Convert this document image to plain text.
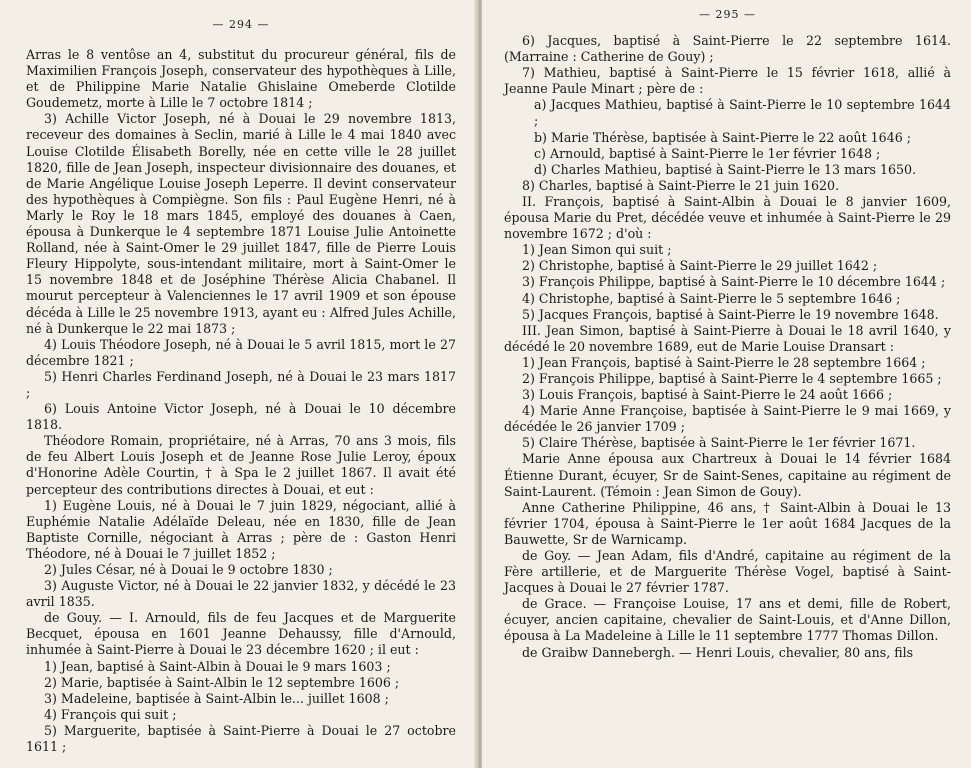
— 294 —

Arras le 8 ventôse an 4, substitut du procureur général, fils de Maximilien François Joseph, conservateur des hypothèques à Lille, et de Philippine Marie Natalie Ghislaine Omeberde Clotilde Goudemetz, morte à Lille le 7 octobre 1814 ;

3) Achille Victor Joseph, né à Douai le 29 novembre 1813, receveur des domaines à Seclin, marié à Lille le 4 mai 1840 avec Louise Clotilde Élisabeth Borelly, née en cette ville le 28 juillet 1820, fille de Jean Joseph, inspecteur divisionnaire des douanes, et de Marie Angélique Louise Joseph Leperre. Il devint conservateur des hypothèques à Compiègne. Son fils : Paul Eugène Henri, né à Marly le Roy le 18 mars 1845, employé des douanes à Caen, épousa à Dunkerque le 4 septembre 1871 Louise Julie Antoinette Rolland, née à Saint-Omer le 29 juillet 1847, fille de Pierre Louis Fleury Hippolyte, sous-intendant militaire, mort à Saint-Omer le 15 novembre 1848 et de Joséphine Thérèse Alicia Chabanel. Il mourut percepteur à Valenciennes le 17 avril 1909 et son épouse décéda à Lille le 25 novembre 1913, ayant eu : Alfred Jules Achille, né à Dunkerque le 22 mai 1873 ;

4) Louis Théodore Joseph, né à Douai le 5 avril 1815, mort le 27 décembre 1821 ;

5) Henri Charles Ferdinand Joseph, né à Douai le 23 mars 1817 ;

6) Louis Antoine Victor Joseph, né à Douai le 10 décembre 1818.

Théodore Romain, propriétaire, né à Arras, 70 ans 3 mois, fils de feu Albert Louis Joseph et de Jeanne Rose Julie Leroy, époux d'Honorine Adèle Courtin, † à Spa le 2 juillet 1867. Il avait été percepteur des contributions directes à Douai, et eut :

1) Eugène Louis, né à Douai le 7 juin 1829, négociant, allié à Euphémie Natalie Adélaïde Deleau, née en 1830, fille de Jean Baptiste Cornille, négociant à Arras ; père de : Gaston Henri Théodore, né à Douai le 7 juillet 1852 ;

2) Jules César, né à Douai le 9 octobre 1830 ;

3) Auguste Victor, né à Douai le 22 janvier 1832, y décédé le 23 avril 1835.

de Gouy. — I. Arnould, fils de feu Jacques et de Marguerite Becquet, épousa en 1601 Jeanne Dehaussy, fille d'Arnould, inhumée à Saint-Pierre à Douai le 23 décembre 1620 ; il eut :

1) Jean, baptisé à Saint-Albin à Douai le 9 mars 1603 ;

2) Marie, baptisée à Saint-Albin le 12 septembre 1606 ;

3) Madeleine, baptisée à Saint-Albin le... juillet 1608 ;

4) François qui suit ;

5) Marguerite, baptisée à Saint-Pierre à Douai le 27 octobre 1611 ;

— 295 —

6) Jacques, baptisé à Saint-Pierre le 22 septembre 1614. (Marraine : Catherine de Gouy) ;

7) Mathieu, baptisé à Saint-Pierre le 15 février 1618, allié à Jeanne Paule Minart ; père de :

a) Jacques Mathieu, baptisé à Saint-Pierre le 10 septembre 1644 ;

b) Marie Thérèse, baptisée à Saint-Pierre le 22 août 1646 ;

c) Arnould, baptisé à Saint-Pierre le 1er février 1648 ;

d) Charles Mathieu, baptisé à Saint-Pierre le 13 mars 1650.

8) Charles, baptisé à Saint-Pierre le 21 juin 1620.

II. François, baptisé à Saint-Albin à Douai le 8 janvier 1609, épousa Marie du Pret, décédée veuve et inhumée à Saint-Pierre le 29 novembre 1672 ; d'où :

1) Jean Simon qui suit ;

2) Christophe, baptisé à Saint-Pierre le 29 juillet 1642 ;

3) François Philippe, baptisé à Saint-Pierre le 10 décembre 1644 ;

4) Christophe, baptisé à Saint-Pierre le 5 septembre 1646 ;

5) Jacques François, baptisé à Saint-Pierre le 19 novembre 1648.

III. Jean Simon, baptisé à Saint-Pierre à Douai le 18 avril 1640, y décédé le 20 novembre 1689, eut de Marie Louise Dransart :

1) Jean François, baptisé à Saint-Pierre le 28 septembre 1664 ;

2) François Philippe, baptisé à Saint-Pierre le 4 septembre 1665 ;

3) Louis François, baptisé à Saint-Pierre le 24 août 1666 ;

4) Marie Anne Françoise, baptisée à Saint-Pierre le 9 mai 1669, y décédée le 26 janvier 1709 ;

5) Claire Thérèse, baptisée à Saint-Pierre le 1er février 1671.

Marie Anne épousa aux Chartreux à Douai le 14 février 1684 Étienne Durant, écuyer, Sr de Saint-Senes, capitaine au régiment de Saint-Laurent. (Témoin : Jean Simon de Gouy).

Anne Catherine Philippine, 46 ans, † Saint-Albin à Douai le 13 février 1704, épousa à Saint-Pierre le 1er août 1684 Jacques de la Bauwette, Sr de Warnicamp.

de Goy. — Jean Adam, fils d'André, capitaine au régiment de la Fère artillerie, et de Marguerite Thérèse Vogel, baptisé à Saint-Jacques à Douai le 27 février 1787.

de Grace. — Françoise Louise, 17 ans et demi, fille de Robert, écuyer, ancien capitaine, chevalier de Saint-Louis, et d'Anne Dillon, épousa à La Madeleine à Lille le 11 septembre 1777 Thomas Dillon.

de Graibw Dannebergh. — Henri Louis, chevalier, 80 ans, fils
